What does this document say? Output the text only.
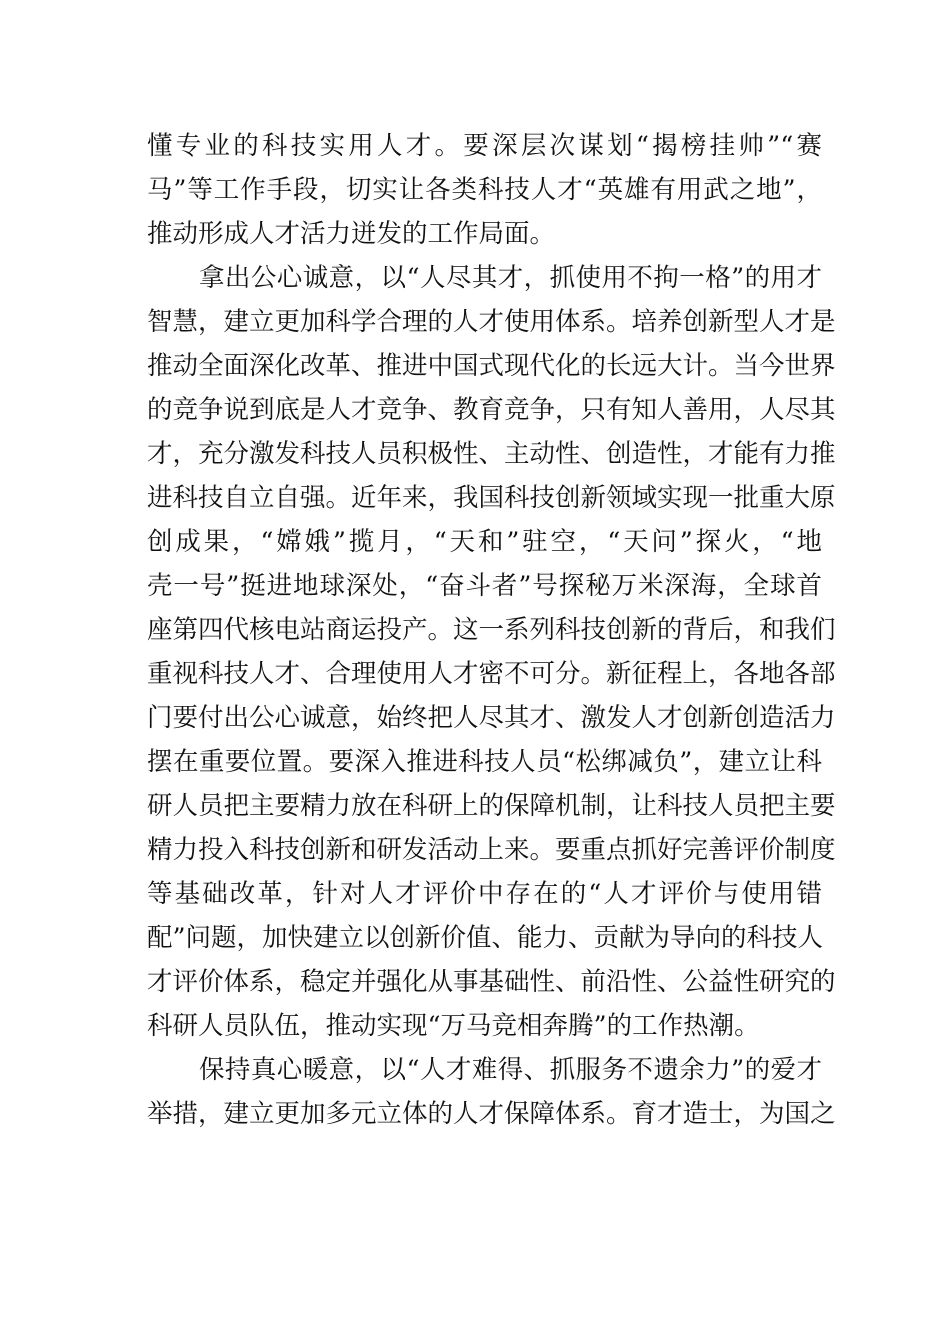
懂专业的科技实用人才。要深层次谋划“揭榜挂帅”“赛
马”等工作手段，切实让各类科技人才“英雄有用武之地”，
推动形成人才活力迸发的工作局面。
拿出公心诚意，以“人尽其才，抓使用不拘一格”的用才
智慧，建立更加科学合理的人才使用体系。培养创新型人才是
推动全面深化改革、推进中国式现代化的长远大计。当今世界
的竞争说到底是人才竞争、教育竞争，只有知人善用，人尽其
才，充分激发科技人员积极性、主动性、创造性，才能有力推
进科技自立自强。近年来，我国科技创新领域实现一批重大原
创成果，“嫦娥”揽月，“天和”驻空，“天问”探火，“地
壳一号”挺进地球深处，“奋斗者”号探秘万米深海，全球首
座第四代核电站商运投产。这一系列科技创新的背后，和我们
重视科技人才、合理使用人才密不可分。新征程上，各地各部
门要付出公心诚意，始终把人尽其才、激发人才创新创造活力
摆在重要位置。要深入推进科技人员“松绑减负”，建立让科
研人员把主要精力放在科研上的保障机制，让科技人员把主要
精力投入科技创新和研发活动上来。要重点抓好完善评价制度
等基础改革，针对人才评价中存在的“人才评价与使用错
配”问题，加快建立以创新价值、能力、贡献为导向的科技人
才评价体系，稳定并强化从事基础性、前沿性、公益性研究的
科研人员队伍，推动实现“万马竞相奔腾”的工作热潮。
保持真心暖意，以“人才难得、抓服务不遗余力”的爱才
举措，建立更加多元立体的人才保障体系。育才造士，为国之
